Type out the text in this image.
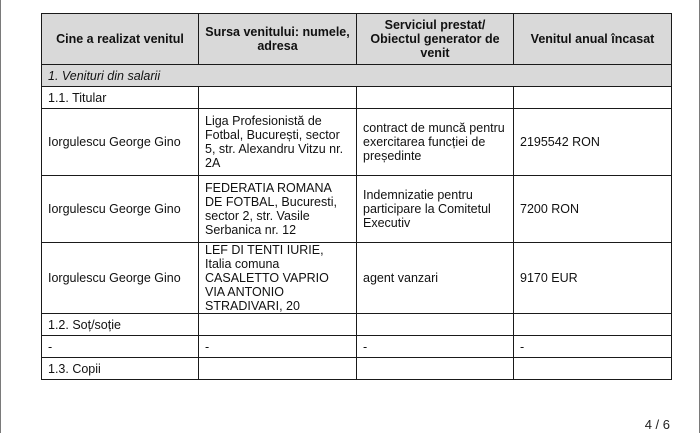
Cine a realizat venitul	Sursa venitului: numele, adresa	Serviciul prestat/ Obiectul generator de venit	Venitul anual încasat
1. Venituri din salarii			
1.1. Titular			
Iorgulescu George Gino	Liga Profesionistă de Fotbal, București, sector 5, str. Alexandru Vitzu nr. 2A	contract de muncă pentru exercitarea funcției de președinte	2195542 RON
Iorgulescu George Gino	FEDERATIA ROMANA DE FOTBAL, Bucuresti, sector 2, str. Vasile Serbanica nr. 12	Indemnizatie pentru participare la Comitetul Executiv	7200 RON
Iorgulescu George Gino	LEF DI TENTI IURIE, Italia comuna CASALETTO VAPRIO VIA ANTONIO STRADIVARI, 20	agent vanzari	9170 EUR
1.2. Soț/soție			
-	-	-	-
1.3. Copii			
4 / 6
